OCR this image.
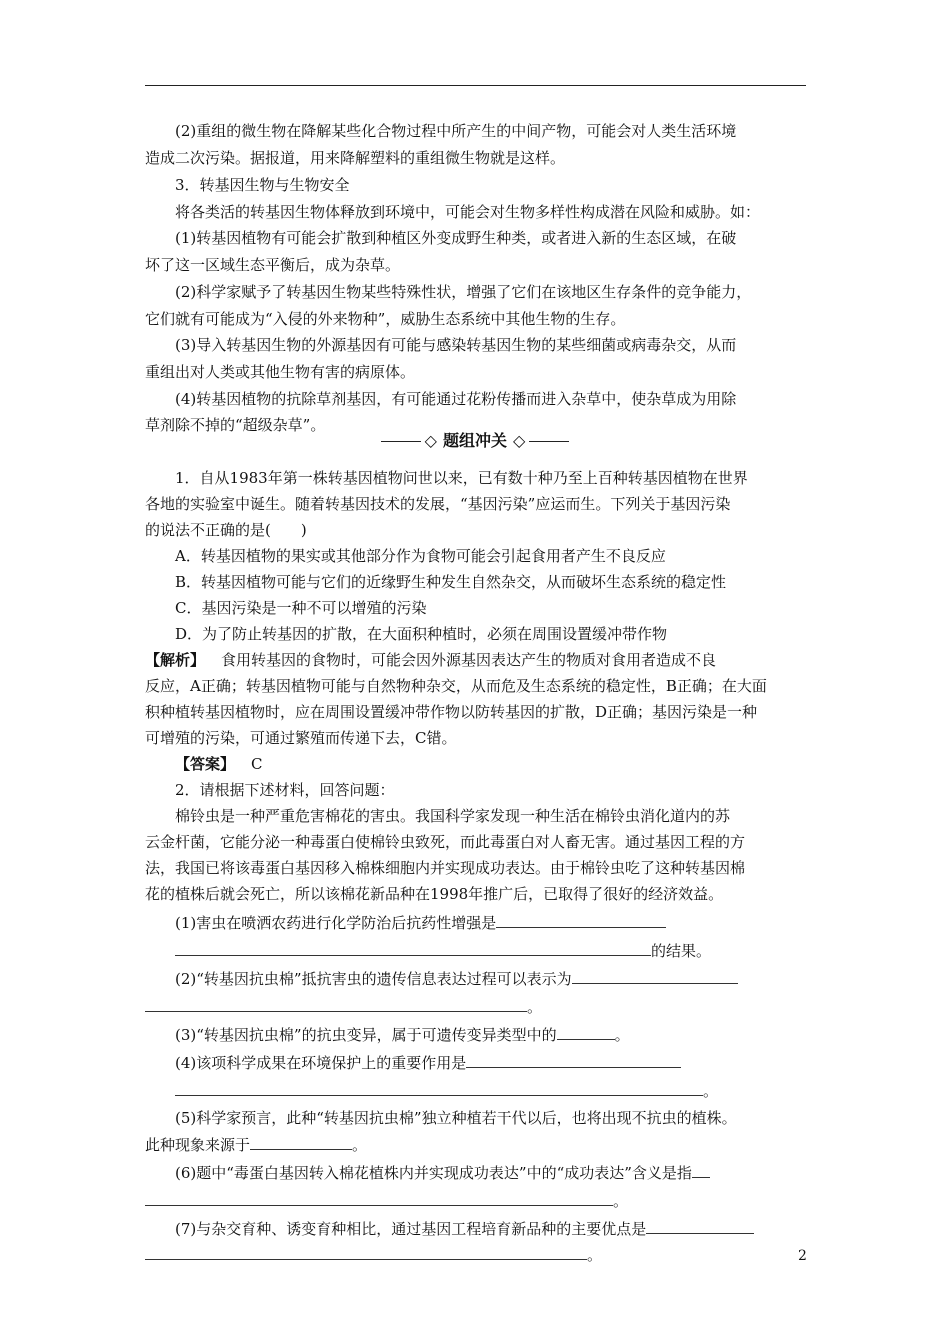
(2)重组的微生物在降解某些化合物过程中所产生的中间产物，可能会对人类生活环境
造成二次污染。据报道，用来降解塑料的重组微生物就是这样。
3．转基因生物与生物安全
将各类活的转基因生物体释放到环境中，可能会对生物多样性构成潜在风险和威胁。如：
(1)转基因植物有可能会扩散到种植区外变成野生种类，或者进入新的生态区域，在破
坏了这一区域生态平衡后，成为杂草。
(2)科学家赋予了转基因生物某些特殊性状，增强了它们在该地区生存条件的竞争能力，
它们就有可能成为“入侵的外来物种”，威胁生态系统中其他生物的生存。
(3)导入转基因生物的外源基因有可能与感染转基因生物的某些细菌或病毒杂交，从而
重组出对人类或其他生物有害的病原体。
(4)转基因植物的抗除草剂基因，有可能通过花粉传播而进入杂草中，使杂草成为用除
草剂除不掉的“超级杂草”。
◇ 题组冲关 ◇
1．自从1983年第一株转基因植物问世以来，已有数十种乃至上百种转基因植物在世界
各地的实验室中诞生。随着转基因技术的发展，“基因污染”应运而生。下列关于基因污染
的说法不正确的是(　　)
A．转基因植物的果实或其他部分作为食物可能会引起食用者产生不良反应
B．转基因植物可能与它们的近缘野生种发生自然杂交，从而破坏生态系统的稳定性
C．基因污染是一种不可以增殖的污染
D．为了防止转基因的扩散，在大面积种植时，必须在周围设置缓冲带作物
【解析】 食用转基因的食物时，可能会因外源基因表达产生的物质对食用者造成不良
反应，A正确；转基因植物可能与自然物种杂交，从而危及生态系统的稳定性，B正确；在大面
积种植转基因植物时，应在周围设置缓冲带作物以防转基因的扩散，D正确；基因污染是一种
可增殖的污染，可通过繁殖而传递下去，C错。
【答案】 C
2．请根据下述材料，回答问题：
棉铃虫是一种严重危害棉花的害虫。我国科学家发现一种生活在棉铃虫消化道内的苏
云金杆菌，它能分泌一种毒蛋白使棉铃虫致死，而此毒蛋白对人畜无害。通过基因工程的方
法，我国已将该毒蛋白基因移入棉株细胞内并实现成功表达。由于棉铃虫吃了这种转基因棉
花的植株后就会死亡，所以该棉花新品种在1998年推广后，已取得了很好的经济效益。
(1)害虫在喷洒农药进行化学防治后抗药性增强是
的结果。
(2)“转基因抗虫棉”抵抗害虫的遗传信息表达过程可以表示为
。
(3)“转基因抗虫棉”的抗虫变异，属于可遗传变异类型中的	。
(4)该项科学成果在环境保护上的重要作用是
。
(5)科学家预言，此种“转基因抗虫棉”独立种植若干代以后，也将出现不抗虫的植株。
此种现象来源于	。
(6)题中“毒蛋白基因转入棉花植株内并实现成功表达”中的“成功表达”含义是指
。
(7)与杂交育种、诱变育种相比，通过基因工程培育新品种的主要优点是
。	2
